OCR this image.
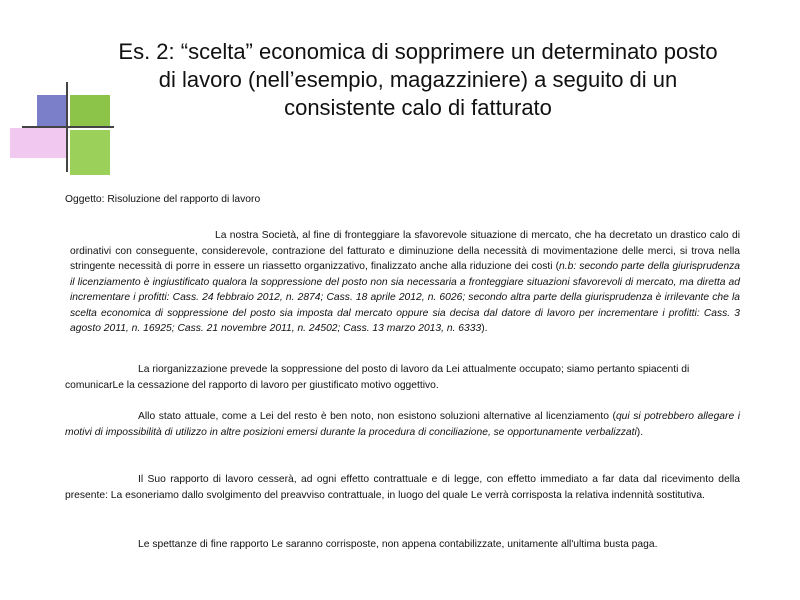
Es. 2: “scelta” economica di sopprimere un determinato posto di lavoro (nell’esempio, magazziniere) a seguito di un consistente calo di fatturato
Oggetto: Risoluzione del rapporto di lavoro
La nostra Società, al fine di fronteggiare la sfavorevole situazione di mercato, che ha decretato un drastico calo di ordinativi con conseguente, considerevole, contrazione del fatturato e diminuzione della necessità di movimentazione delle merci, si trova nella stringente necessità di porre in essere un riassetto organizzativo, finalizzato anche alla riduzione dei costi (n.b: secondo parte della giurisprudenza il licenziamento è ingiustificato qualora la soppressione del posto non sia necessaria a fronteggiare situazioni sfavorevoli di mercato, ma diretta ad incrementare i profitti: Cass. 24 febbraio 2012, n. 2874; Cass. 18 aprile 2012, n. 6026; secondo altra parte della giurisprudenza è irrilevante che la scelta economica di soppressione del posto sia imposta dal mercato oppure sia decisa dal datore di lavoro per incrementare i profitti: Cass. 3 agosto 2011, n. 16925; Cass. 21 novembre 2011, n. 24502; Cass. 13 marzo 2013, n. 6333).
La riorganizzazione prevede la soppressione del posto di lavoro da Lei attualmente occupato; siamo pertanto spiacenti di comunicarLe la cessazione del rapporto di lavoro per giustificato motivo oggettivo.
Allo stato attuale, come a Lei del resto è ben noto, non esistono soluzioni alternative al licenziamento (qui si potrebbero allegare i motivi di impossibilità di utilizzo in altre posizioni emersi durante la procedura di conciliazione, se opportunamente verbalizzati).
Il Suo rapporto di lavoro cesserà, ad ogni effetto contrattuale e di legge, con effetto immediato a far data dal ricevimento della presente: La esoneriamo dallo svolgimento del preavviso contrattuale, in luogo del quale Le verrà corrisposta la relativa indennità sostitutiva.
Le spettanze di fine rapporto Le saranno corrisposte, non appena contabilizzate, unitamente all'ultima busta paga.
